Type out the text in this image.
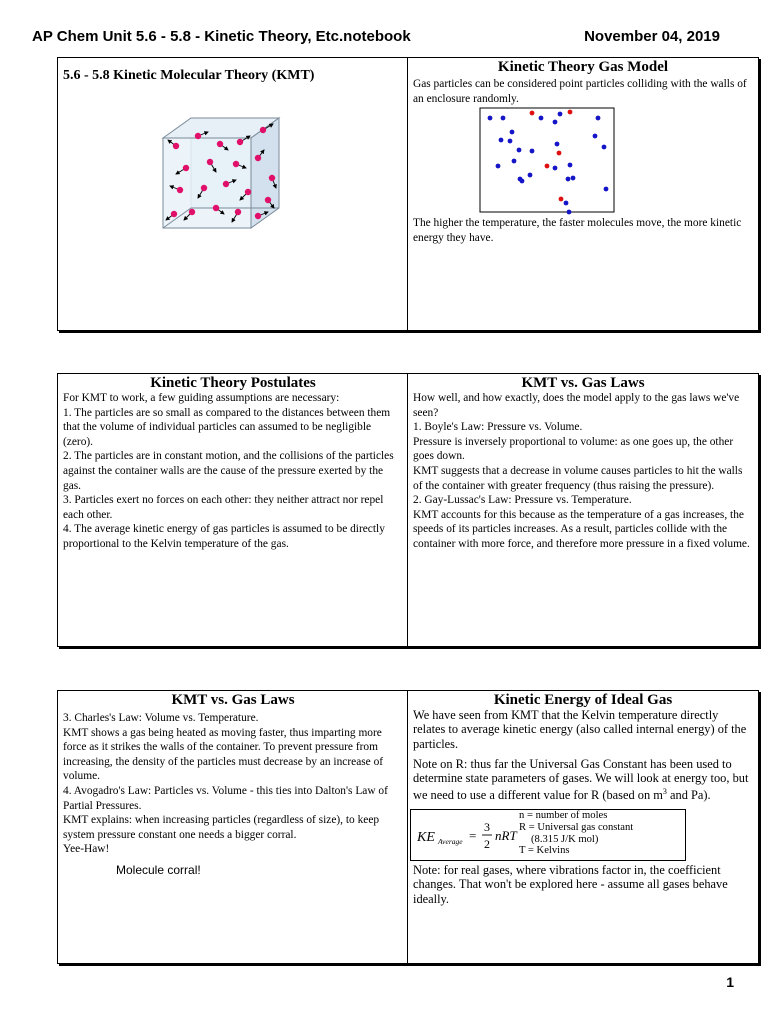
AP Chem Unit 5.6 - 5.8 - Kinetic Theory, Etc.notebook	November 04, 2019
5.6 - 5.8 Kinetic Molecular Theory (KMT)
Kinetic Theory Gas Model

Gas particles can be considered point particles colliding with the walls of an enclosure randomly.

The higher the temperature, the faster molecules move, the more kinetic energy they have.

Kinetic Theory Postulates

For KMT to work, a few guiding assumptions are necessary:

1. The particles are so small as compared to the distances between them that the volume of individual particles can assumed to be negligible (zero).

2. The particles are in constant motion, and the collisions of the particles against the container walls are the cause of the pressure exerted by the gas.

3. Particles exert no forces on each other: they neither attract nor repel each other.

4. The average kinetic energy of gas particles is assumed to be directly proportional to the Kelvin temperature of the gas.

KMT vs. Gas Laws

How well, and how exactly, does the model apply to the gas laws we've seen?

1. Boyle's Law: Pressure vs. Volume.

Pressure is inversely proportional to volume: as one goes up, the other goes down.

KMT suggests that a decrease in volume causes particles to hit the walls of the container with greater frequency (thus raising the pressure).

2. Gay-Lussac's Law: Pressure vs. Temperature.

KMT accounts for this because as the temperature of a gas increases, the speeds of its particles increases. As a result, particles collide with the container with more force, and therefore more pressure in a fixed volume.

KMT vs. Gas Laws

3. Charles's Law: Volume vs. Temperature.

KMT shows a gas being heated as moving faster, thus imparting more force as it strikes the walls of the container. To prevent pressure from increasing, the density of the particles must decrease by an increase of volume.

4. Avogadro's Law: Particles vs. Volume - this ties into Dalton's Law of Partial Pressures.

KMT explains: when increasing particles (regardless of size), to keep system pressure constant one needs a bigger corral.

Yee-Haw!

Molecule corral!
Kinetic Energy of Ideal Gas

We have seen from KMT that the Kelvin temperature directly relates to average kinetic energy (also called internal energy) of the particles.

Note on R: thus far the Universal Gas Constant has been used to determine state parameters of gases. We will look at energy too, but we need to use a different value for R (based on $m^3$ and Pa).

KE Average =
3
2
nRT
n = number of moles
R = Universal gas constant
(8.315 J/K mol)
T = Kelvins

Note: for real gases, where vibrations factor in, the coefficient changes. That won't be explored here - assume all gases behave ideally.

1
